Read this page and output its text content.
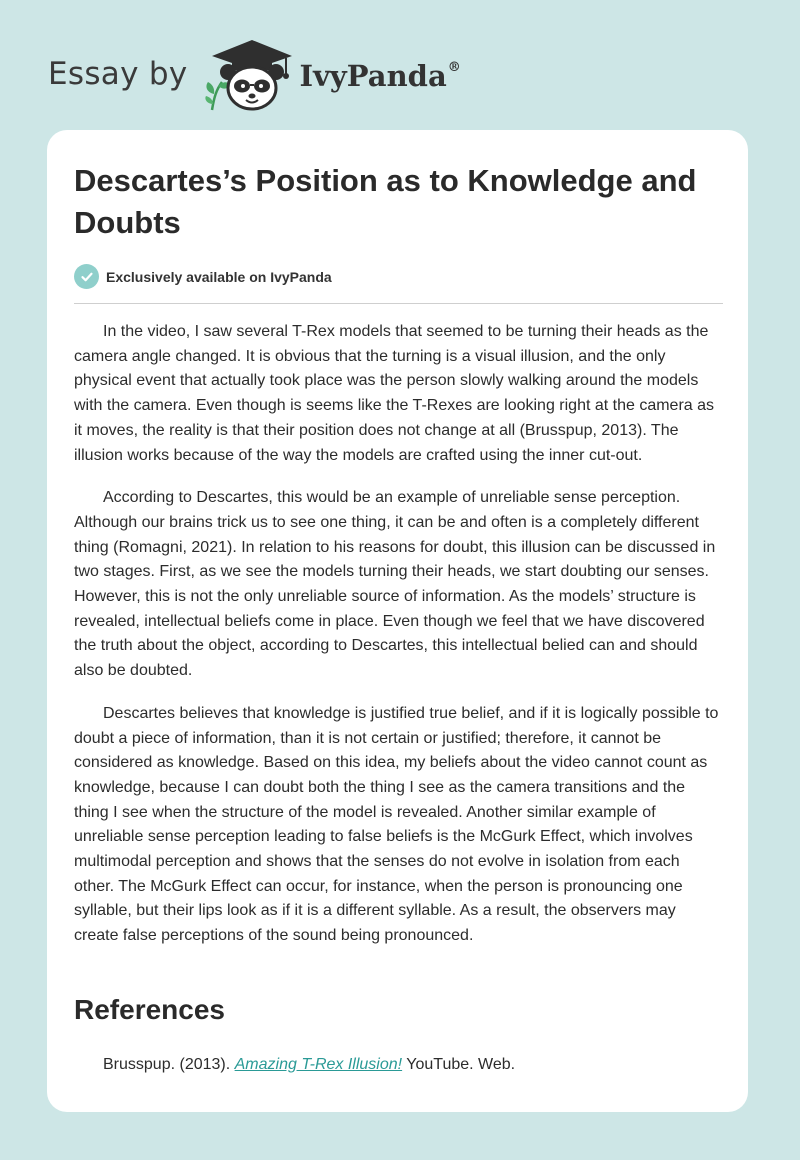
Essay by	IvyPanda®
Descartes’s Position as to Knowledge and Doubts
Exclusively available on IvyPanda

In the video, I saw several T-Rex models that seemed to be turning their heads as the camera angle changed. It is obvious that the turning is a visual illusion, and the only physical event that actually took place was the person slowly walking around the models with the camera. Even though is seems like the T-Rexes are looking right at the camera as it moves, the reality is that their position does not change at all (Brusspup, 2013). The illusion works because of the way the models are crafted using the inner cut-out.

According to Descartes, this would be an example of unreliable sense perception. Although our brains trick us to see one thing, it can be and often is a completely different thing (Romagni, 2021). In relation to his reasons for doubt, this illusion can be discussed in two stages. First, as we see the models turning their heads, we start doubting our senses. However, this is not the only unreliable source of information. As the models’ structure is revealed, intellectual beliefs come in place. Even though we feel that we have discovered the truth about the object, according to Descartes, this intellectual belied can and should also be doubted.

Descartes believes that knowledge is justified true belief, and if it is logically possible to doubt a piece of information, than it is not certain or justified; therefore, it cannot be considered as knowledge. Based on this idea, my beliefs about the video cannot count as knowledge, because I can doubt both the thing I see as the camera transitions and the thing I see when the structure of the model is revealed. Another similar example of unreliable sense perception leading to false beliefs is the McGurk Effect, which involves multimodal perception and shows that the senses do not evolve in isolation from each other. The McGurk Effect can occur, for instance, when the person is pronouncing one syllable, but their lips look as if it is a different syllable. As a result, the observers may create false perceptions of the sound being pronounced.

References
Brusspup. (2013). Amazing T-Rex Illusion! YouTube. Web.
